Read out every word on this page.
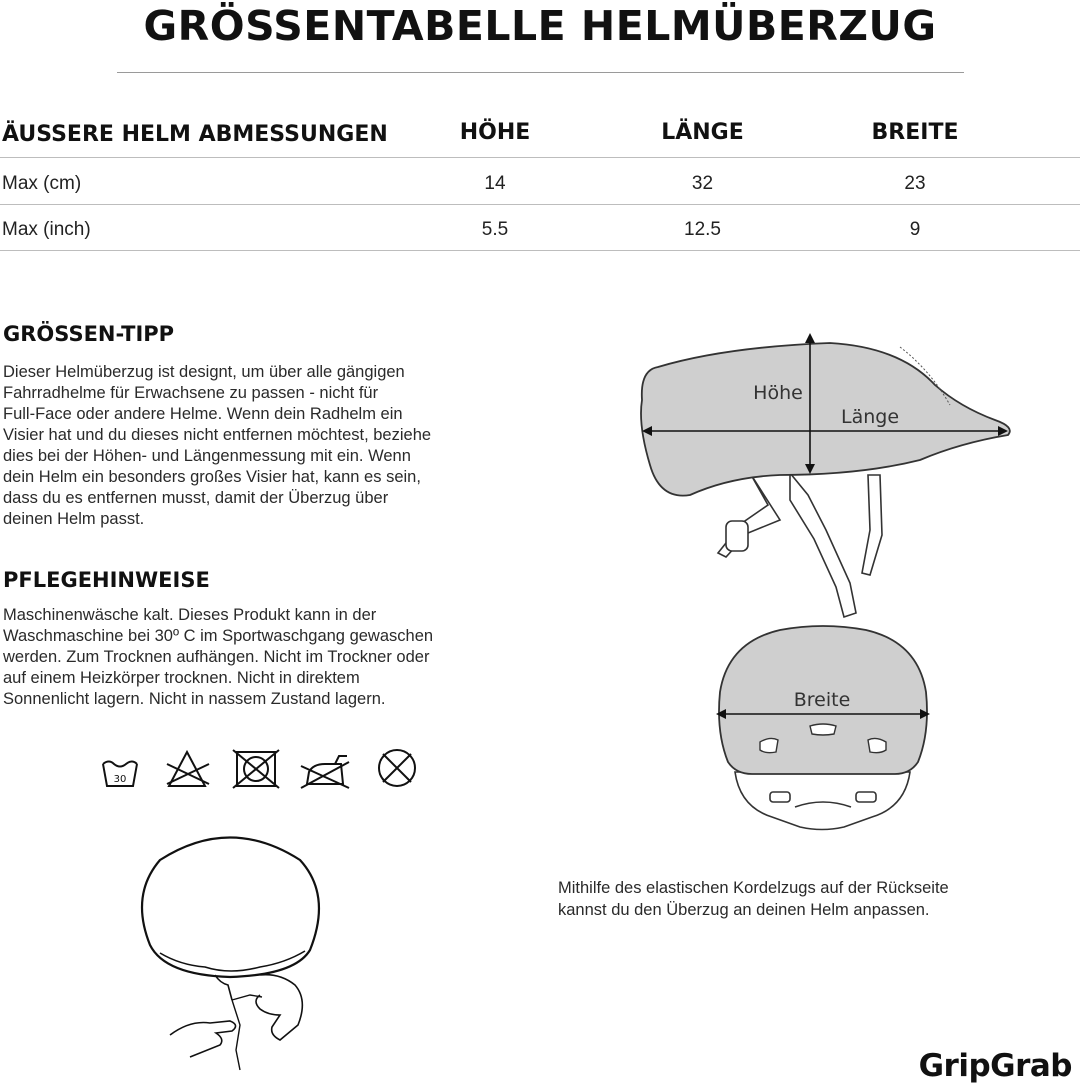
GRÖSSENTABELLE HELMÜBERZUG
ÄUSSERE HELM ABMESSUNGEN	HÖHE	LÄNGE	BREITE
Max (cm)	14	32	23
Max (inch)	5.5	12.5	9
GRÖSSEN-TIPP
Dieser Helmüberzug ist designt, um über alle gängigen
Fahrradhelme für Erwachsene zu passen - nicht für
Full-Face oder andere Helme. Wenn dein Radhelm ein
Visier hat und du dieses nicht entfernen möchtest, beziehe
dies bei der Höhen- und Längenmessung mit ein. Wenn
dein Helm ein besonders großes Visier hat, kann es sein,
dass du es entfernen musst, damit der Überzug über
deinen Helm passt.
PFLEGEHINWEISE
Maschinenwäsche kalt. Dieses Produkt kann in der
Waschmaschine bei 30º C im Sportwaschgang gewaschen
werden. Zum Trocknen aufhängen. Nicht im Trockner oder
auf einem Heizkörper trocknen. Nicht in direktem
Sonnenlicht lagern. Nicht in nassem Zustand lagern.
30
Höhe
Länge
Breite
Mithilfe des elastischen Kordelzugs auf der Rückseite
kannst du den Überzug an deinen Helm anpassen.
GripGrab
